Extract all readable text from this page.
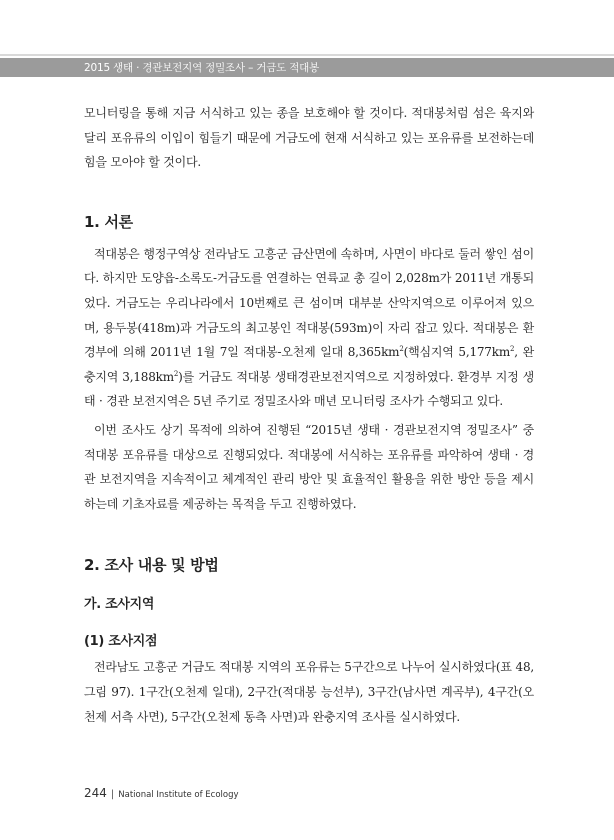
2015 생태 · 경관보전지역 정밀조사 – 거금도 적대봉

모니터링을 통해 지금 서식하고 있는 종을 보호해야 할 것이다. 적대봉처럼 섬은 육지와 달리 포유류의 이입이 힘들기 때문에 거금도에 현재 서식하고 있는 포유류를 보전하는데 힘을 모아야 할 것이다.

1. 서론

적대봉은 행정구역상 전라남도 고흥군 금산면에 속하며, 사면이 바다로 둘러 쌓인 섬이다. 하지만 도양읍-소록도-거금도를 연결하는 연륙교 총 길이 2,028m가 2011년 개통되었다. 거금도는 우리나라에서 10번째로 큰 섬이며 대부분 산악지역으로 이루어져 있으며, 용두봉(418m)과 거금도의 최고봉인 적대봉(593m)이 자리 잡고 있다. 적대봉은 환경부에 의해 2011년 1월 7일 적대봉-오천제 일대 $8,365km^2$(핵심지역 $5,177km^2$, 완충지역 $3,188km^2$)를 거금도 적대봉 생태경관보전지역으로 지정하였다. 환경부 지정 생태 · 경관 보전지역은 5년 주기로 정밀조사와 매년 모니터링 조사가 수행되고 있다.

이번 조사도 상기 목적에 의하여 진행된 “2015년 생태 · 경관보전지역 정밀조사” 중 적대봉 포유류를 대상으로 진행되었다. 적대봉에 서식하는 포유류를 파악하여 생태 · 경관 보전지역을 지속적이고 체계적인 관리 방안 및 효율적인 활용을 위한 방안 등을 제시하는데 기초자료를 제공하는 목적을 두고 진행하였다.

2. 조사 내용 및 방법
가. 조사지역
(1) 조사지점

전라남도 고흥군 거금도 적대봉 지역의 포유류는 5구간으로 나누어 실시하였다(표 48, 그림 97). 1구간(오천제 일대), 2구간(적대봉 능선부), 3구간(남사면 계곡부), 4구간(오천제 서측 사면), 5구간(오천제 동측 사면)과 완충지역 조사를 실시하였다.

244 | National Institute of Ecology
